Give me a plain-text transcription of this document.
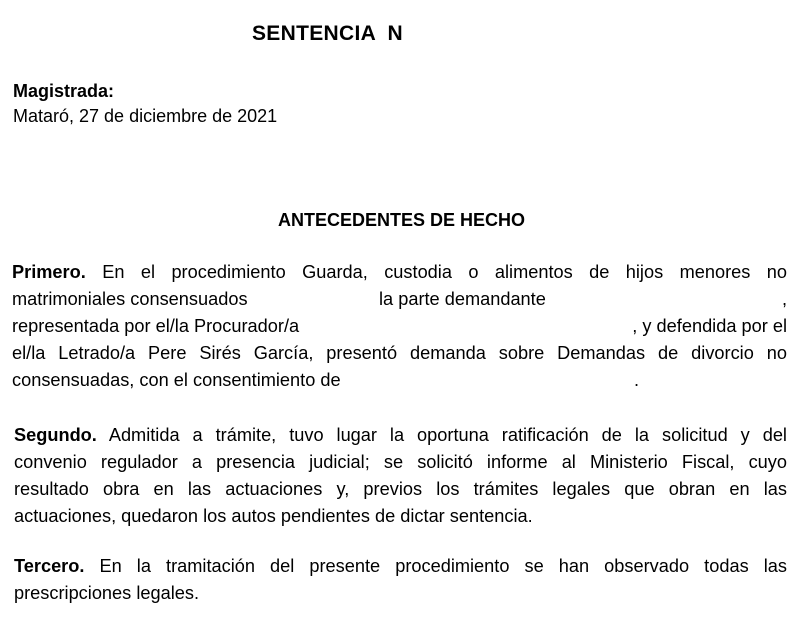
SENTENCIA  N
Magistrada:
Mataró, 27 de diciembre de 2021
ANTECEDENTES DE HECHO
Primero. En el procedimiento Guarda, custodia o alimentos de hijos menores no
matrimoniales consensuados	la parte demandante	,
representada por el/la Procurador/a	, y defendida por el
el/la Letrado/a Pere Sirés García, presentó demanda sobre Demandas de divorcio no
consensuadas, con el consentimiento de	.
Segundo. Admitida a trámite, tuvo lugar la oportuna ratificación de la solicitud y del
convenio regulador a presencia judicial; se solicitó informe al Ministerio Fiscal, cuyo
resultado obra en las actuaciones y, previos los trámites legales que obran en las
actuaciones, quedaron los autos pendientes de dictar sentencia.
Tercero. En la tramitación del presente procedimiento se han observado todas las
prescripciones legales.
